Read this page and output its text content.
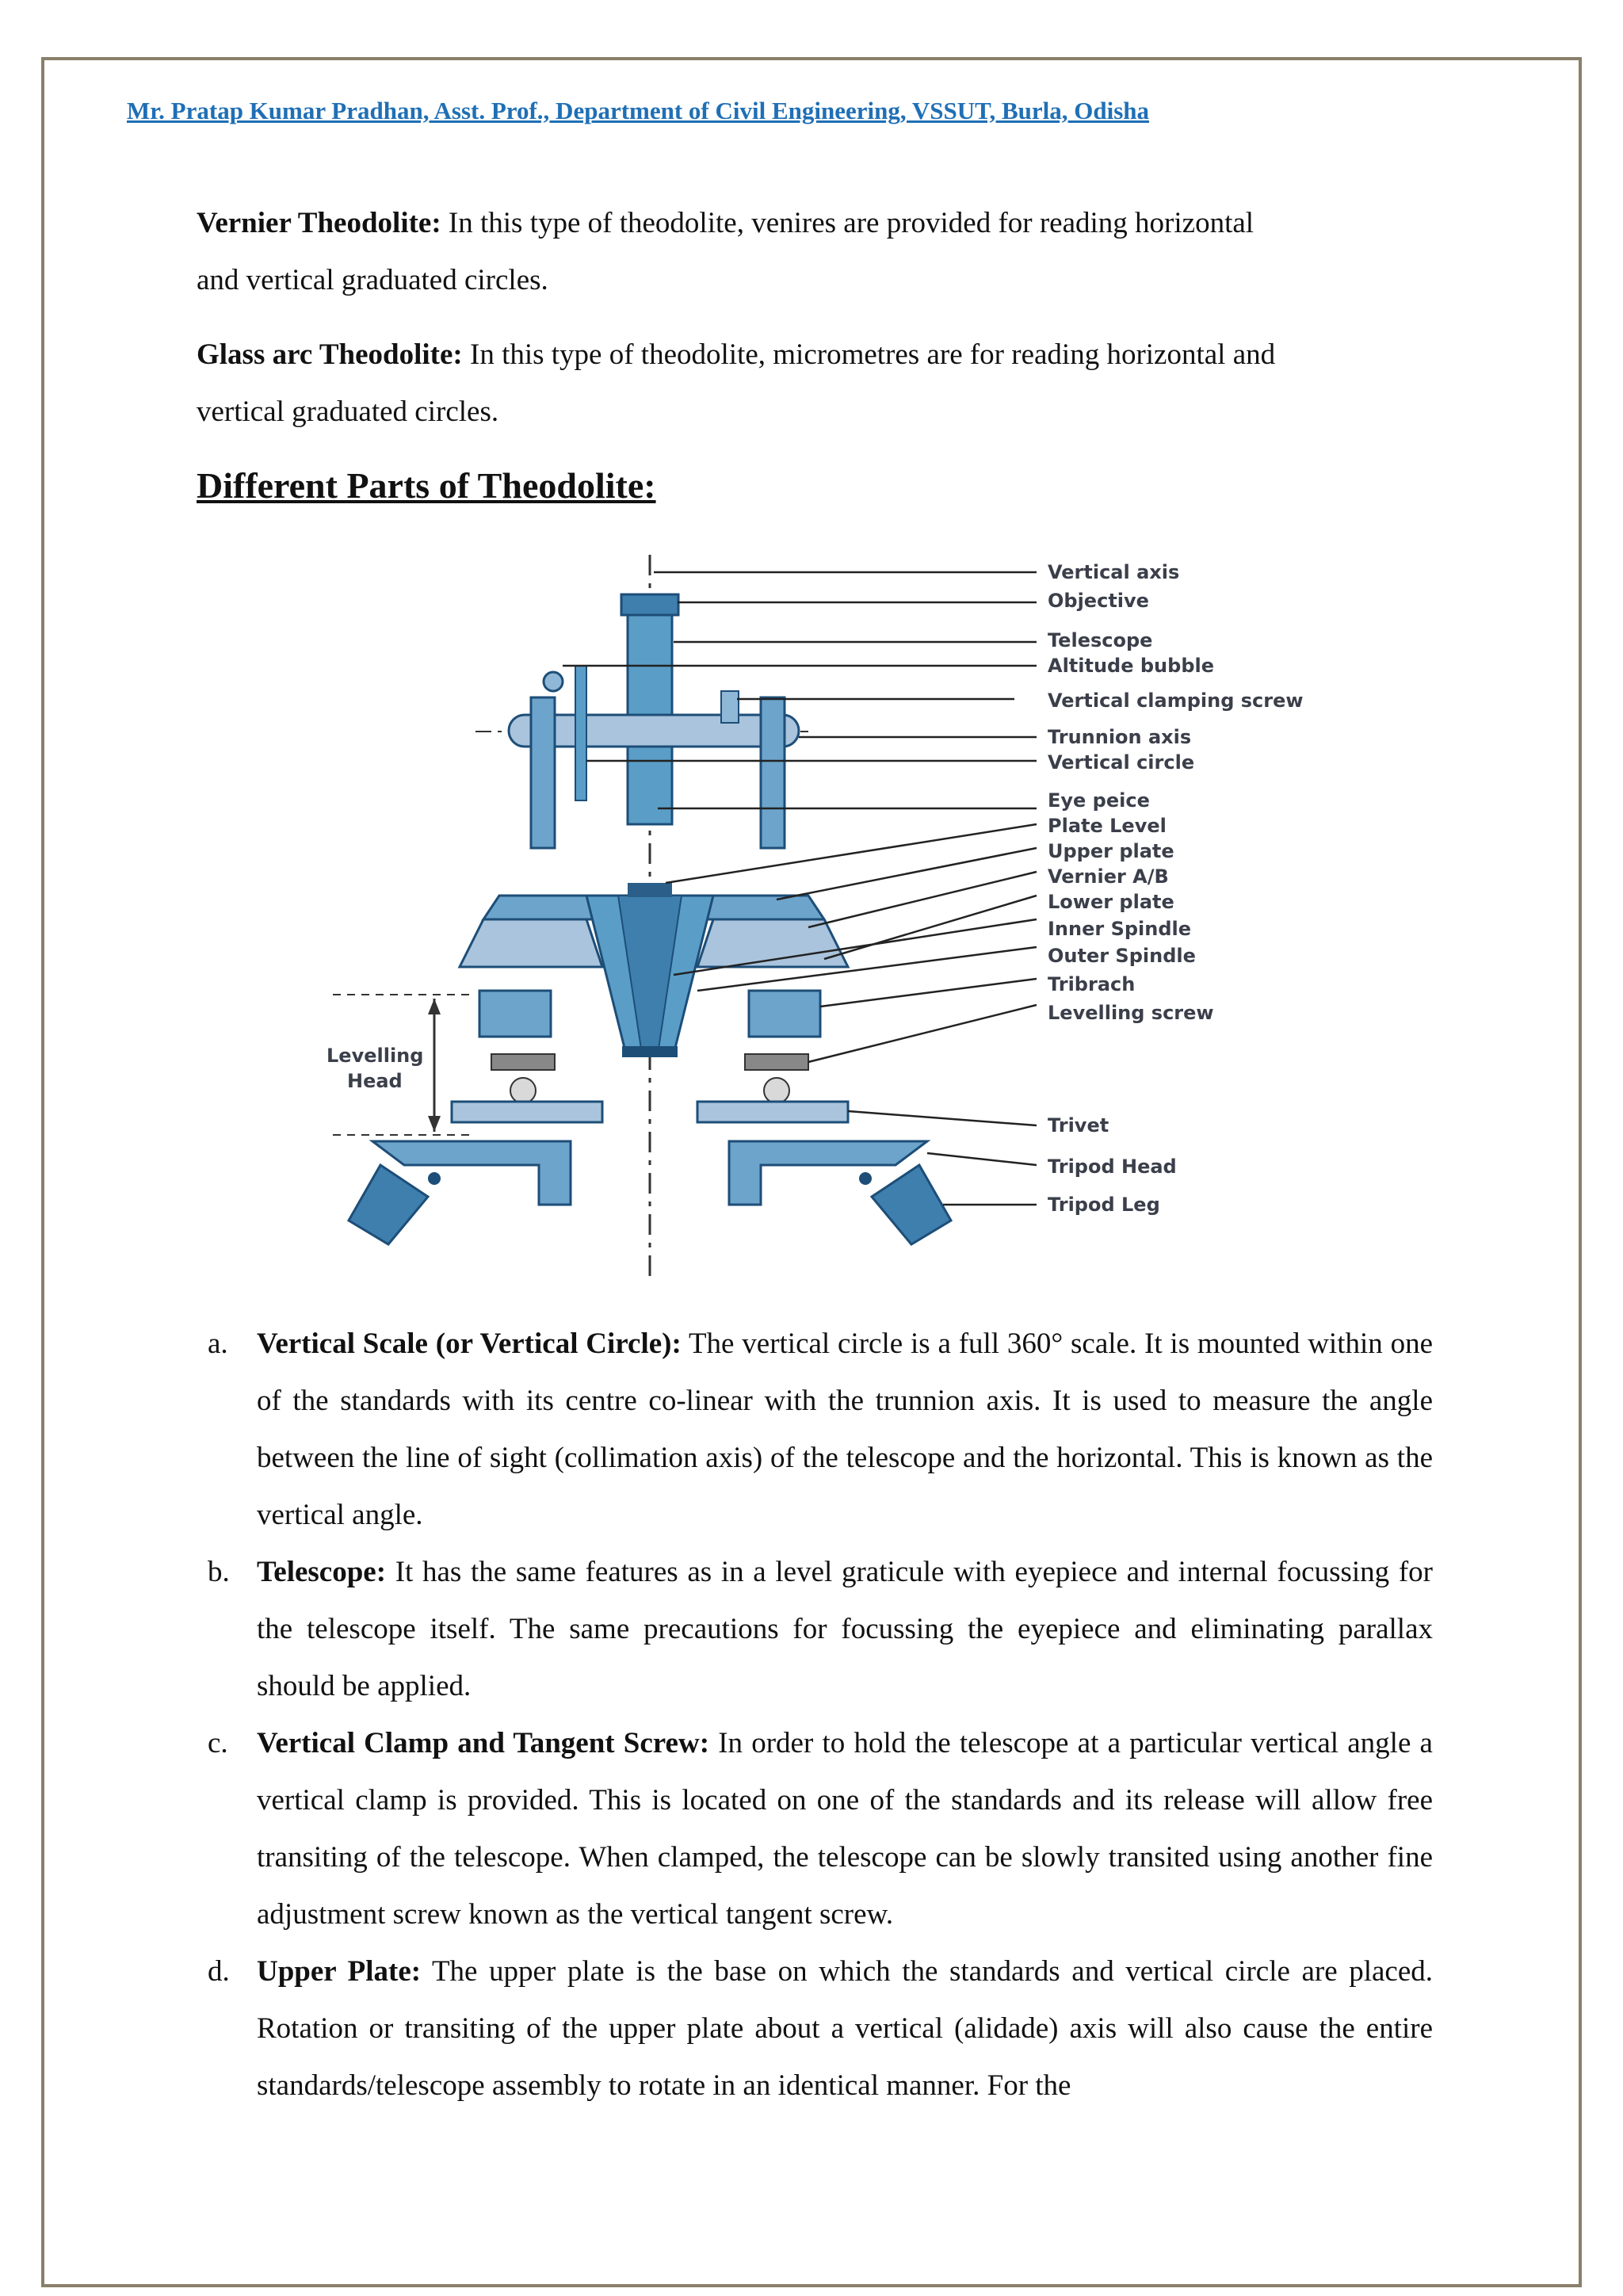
Mr. Pratap Kumar Pradhan, Asst. Prof., Department of Civil Engineering, VSSUT, Burla, Odisha
Vernier Theodolite: In this type of theodolite, venires are provided for reading horizontal
and vertical graduated circles.
Glass arc Theodolite: In this type of theodolite, micrometres are for reading horizontal and
vertical graduated circles.
Different Parts of Theodolite:
Levelling
Head
Vertical axis
Objective
Telescope
Altitude bubble
Vertical clamping screw
Trunnion axis
Vertical circle
Eye peice
Plate Level
Upper plate
Vernier A/B
Lower plate
Inner Spindle
Outer Spindle
Tribrach
Levelling screw
Trivet
Tripod Head
Tripod Leg
a. Vertical Scale (or Vertical Circle): The vertical circle is a full 360° scale. It is mounted within one of the standards with its centre co-linear with the trunnion axis. It is used to measure the angle between the line of sight (collimation axis) of the telescope and the horizontal. This is known as the vertical angle.
b. Telescope: It has the same features as in a level graticule with eyepiece and internal focussing for the telescope itself. The same precautions for focussing the eyepiece and eliminating parallax should be applied.
c. Vertical Clamp and Tangent Screw: In order to hold the telescope at a particular vertical angle a vertical clamp is provided. This is located on one of the standards and its release will allow free transiting of the telescope. When clamped, the telescope can be slowly transited using another fine adjustment screw known as the vertical tangent screw.
d. Upper Plate: The upper plate is the base on which the standards and vertical circle are placed. Rotation or transiting of the upper plate about a vertical (alidade) axis will also cause the entire standards/telescope assembly to rotate in an identical manner. For the
